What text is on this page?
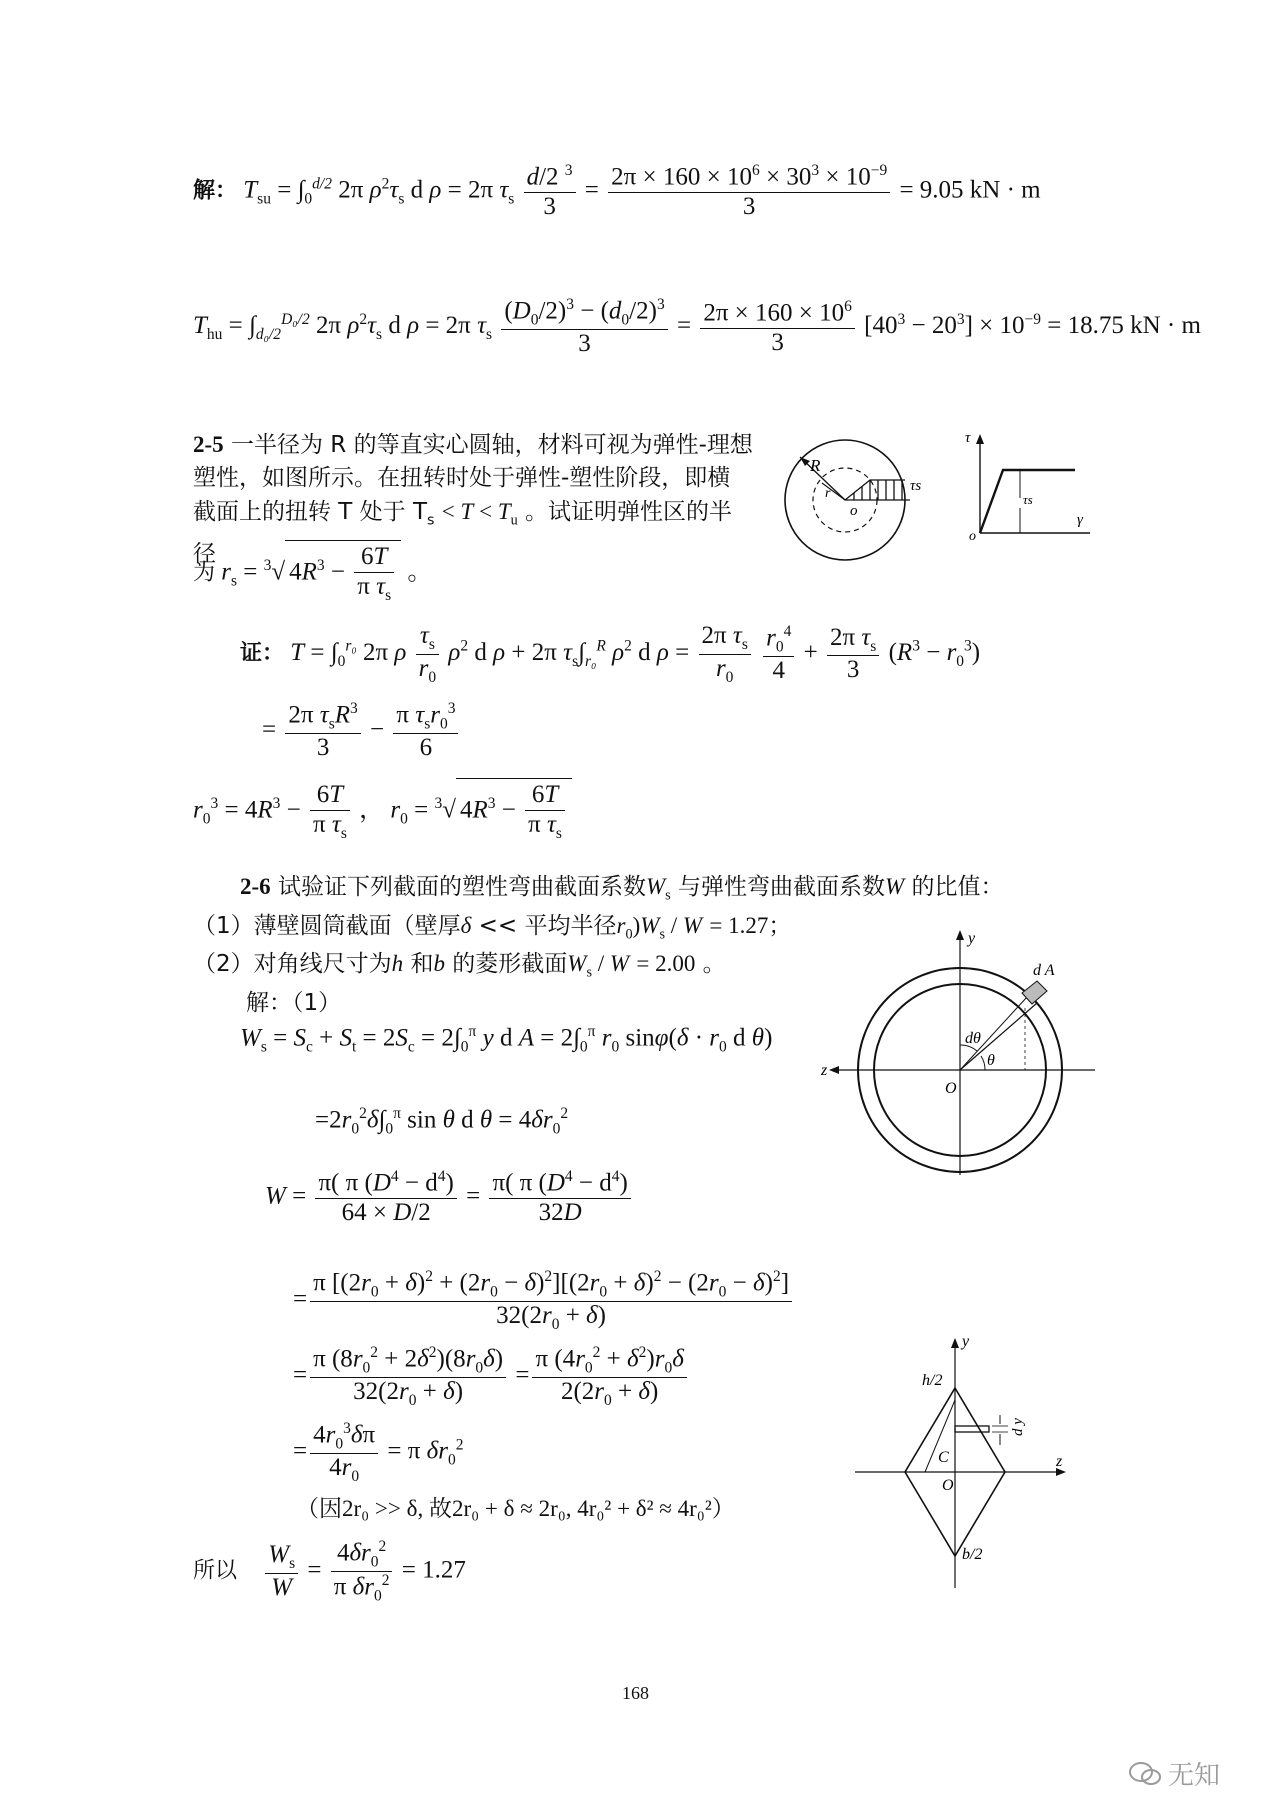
解： $T_{su} = \int_0^{d/2}$ 2π $\rho^2\tau_s$ d ρ = 2π $\tau_s \frac{d/2 ^3}{3} = \frac{2\pi \times 160 \times 10^6 \times 30^3 \times 10^{-9}}{3} = 9.05$ kN · m
$T_{hu} = \int_{d_0/2}^{D_0/2}$ 2π $\rho^2\tau_s$ d ρ = 2π $\tau_s \frac{(D_0/2)^3 - (d_0/2)^3}{3} = \frac{2\pi \times 160 \times 10^6}{3} [40^3 - 20^3] \times 10^{-9} = 18.75$ kN · m
2-5 一半径为 R 的等直实心圆轴，材料可视为弹性-理想塑性，如图所示。在扭转时处于弹性-塑性阶段，即横截面上的扭转 T 处于 $T_s < T < T_u$ 。试证明弹性区的半径
为 $r_s = ^3√$ $4R^3 - \frac{6T}{\pi \tau_s}$ 。
证： $T = \int_0^{r_0}$ 2π ρ $\frac{\tau_s}{r_0} \rho^2$ d ρ + 2π $\tau_s\int_{r_0}^R$ $\rho^2$ d $\rho = \frac{2\pi \tau_s}{r_0}$
$\frac{r_0^4}{4} + \frac{2\pi \tau_s}{3} (R^3 - r_0^3)$
= $\frac{2\pi \tau_sR^3}{3} - \frac{\pi \tau_sr_0^3}{6}$
$r_0^3 = 4R^3 - \frac{6T}{\pi \tau_s}$ ， $r_0 = ^3√$ $4R^3 - \frac{6T}{\pi \tau_s}$
2-6 试验证下列截面的塑性弯曲截面系数$W_s$ 与弹性弯曲截面系数W 的比值：
（1）薄壁圆筒截面（壁厚δ << 平均半径$r_0)W_s / W = 1.27$；
（2）对角线尺寸为h 和b 的菱形截面$W_s / W = 2.00$ 。
解：（1）
$W_s = S_c + S_t = 2S_c = 2\int_0^\pi$ y d $A = 2\int_0^\pi$ $r_0$ $\sin\varphi(\delta \cdot r_0$ d θ)
$=2r_0^2\delta\int_0^\pi$ sin θ d $\theta = 4\delta r_0^2$
$W = \frac{\pi( \pi (D^4 - d^4)}{64 \times D/2} = \frac{\pi( \pi (D^4 - d^4)}{32D}$
= $\frac{\pi [(2r_0 + \delta)^2 + (2r_0 - \delta)^2][(2r_0 + \delta)^2 - (2r_0 - \delta)^2]}{32(2r_0 + \delta)}$
= $\frac{\pi (8r_0^2 + 2\delta^2)(8r_0\delta)}{32(2r_0 + \delta)} = \frac{\pi (4r_0^2 + \delta^2)r_0\delta}{2(2r_0 + \delta)}$
= $\frac{4r_0^3\delta\pi}{4r_0} = \pi$ $\delta r_0^2$
（因2r₀ >> δ, 故2r₀ + δ ≈ 2r₀, 4r₀² + δ² ≈ 4r₀²）
所以 $\frac{W_s}{W} = \frac{4\delta r_0^2}{\pi \delta r_0^2} = 1.27$
R
r
o
τs
τ
γ
o
τs
y
z
O
d A
dθ
θ
y
z
O
h/2
b/2
d y
C
168
无知
